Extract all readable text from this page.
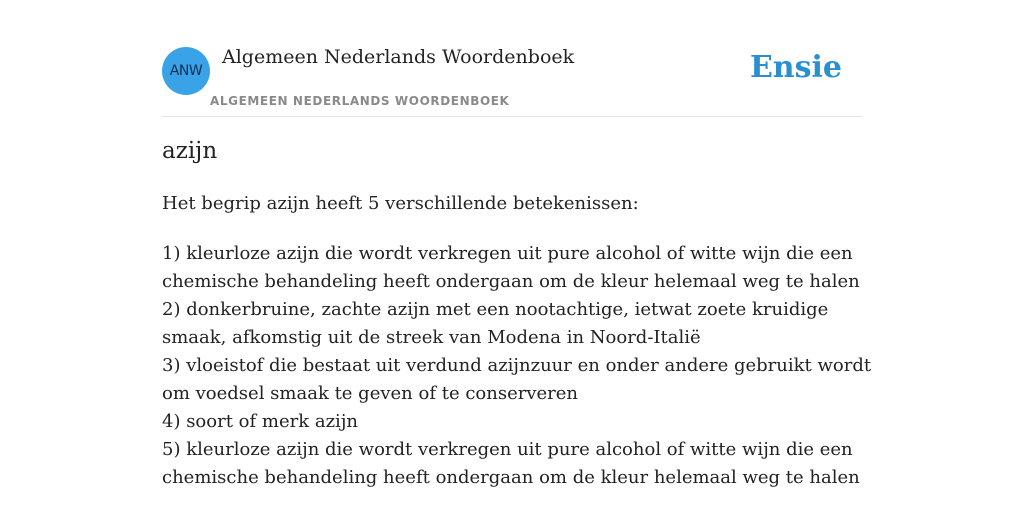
ANW
Algemeen Nederlands Woordenboek
ALGEMEEN NEDERLANDS WOORDENBOEK
Ensie
azijn

Het begrip azijn heeft 5 verschillende betekenissen:

1) kleurloze azijn die wordt verkregen uit pure alcohol of witte wijn die een chemische behandeling heeft ondergaan om de kleur helemaal weg te halen
2) donkerbruine, zachte azijn met een nootachtige, ietwat zoete kruidige smaak, afkomstig uit de streek van Modena in Noord-Italië
3) vloeistof die bestaat uit verdund azijnzuur en onder andere gebruikt wordt om voedsel smaak te geven of te conserveren
4) soort of merk azijn
5) kleurloze azijn die wordt verkregen uit pure alcohol of witte wijn die een chemische behandeling heeft ondergaan om de kleur helemaal weg te halen
